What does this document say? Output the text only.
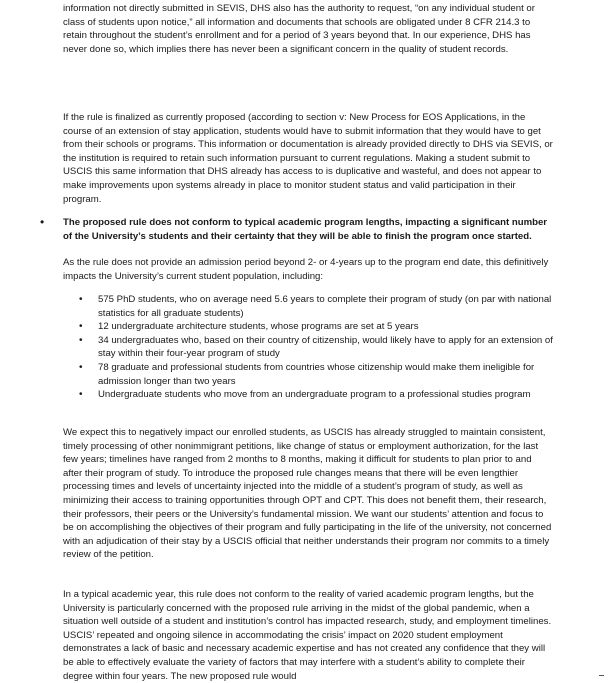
information not directly submitted in SEVIS, DHS also has the authority to request, “on any individual student or class of students upon notice,” all information and documents that schools are obligated under 8 CFR 214.3 to retain throughout the student’s enrollment and for a period of 3 years beyond that. In our experience, DHS has never done so, which implies there has never been a significant concern in the quality of student records.

If the rule is finalized as currently proposed (according to section v: New Process for EOS Applications, in the course of an extension of stay application, students would have to submit information that they would have to get from their schools or programs. This information or documentation is already provided directly to DHS via SEVIS, or the institution is required to retain such information pursuant to current regulations. Making a student submit to USCIS this same information that DHS already has access to is duplicative and wasteful, and does not appear to make improvements upon systems already in place to monitor student status and valid participation in their program.

• The proposed rule does not conform to typical academic program lengths, impacting a significant number of the University’s students and their certainty that they will be able to finish the program once started.

As the rule does not provide an admission period beyond 2- or 4-years up to the program end date, this definitively impacts the University’s current student population, including:

• 575 PhD students, who on average need 5.6 years to complete their program of study (on par with national statistics for all graduate students)
• 12 undergraduate architecture students, whose programs are set at 5 years
• 34 undergraduates who, based on their country of citizenship, would likely have to apply for an extension of stay within their four-year program of study
• 78 graduate and professional students from countries whose citizenship would make them ineligible for admission longer than two years
• Undergraduate students who move from an undergraduate program to a professional studies program

We expect this to negatively impact our enrolled students, as USCIS has already struggled to maintain consistent, timely processing of other nonimmigrant petitions, like change of status or employment authorization, for the last few years; timelines have ranged from 2 months to 8 months, making it difficult for students to plan prior to and after their program of study. To introduce the proposed rule changes means that there will be even lengthier processing times and levels of uncertainty injected into the middle of a student’s program of study, as well as minimizing their access to training opportunities through OPT and CPT. This does not benefit them, their research, their professors, their peers or the University’s fundamental mission. We want our students’ attention and focus to be on accomplishing the objectives of their program and fully participating in the life of the university, not concerned with an adjudication of their stay by a USCIS official that neither understands their program nor commits to a timely review of the petition.

In a typical academic year, this rule does not conform to the reality of varied academic program lengths, but the University is particularly concerned with the proposed rule arriving in the midst of the global pandemic, when a situation well outside of a student and institution’s control has impacted research, study, and employment timelines. USCIS’ repeated and ongoing silence in accommodating the crisis’ impact on 2020 student employment demonstrates a lack of basic and necessary academic expertise and has not created any confidence that they will be able to effectively evaluate the variety of factors that may interfere with a student’s ability to complete their degree within four years. The new proposed rule would
